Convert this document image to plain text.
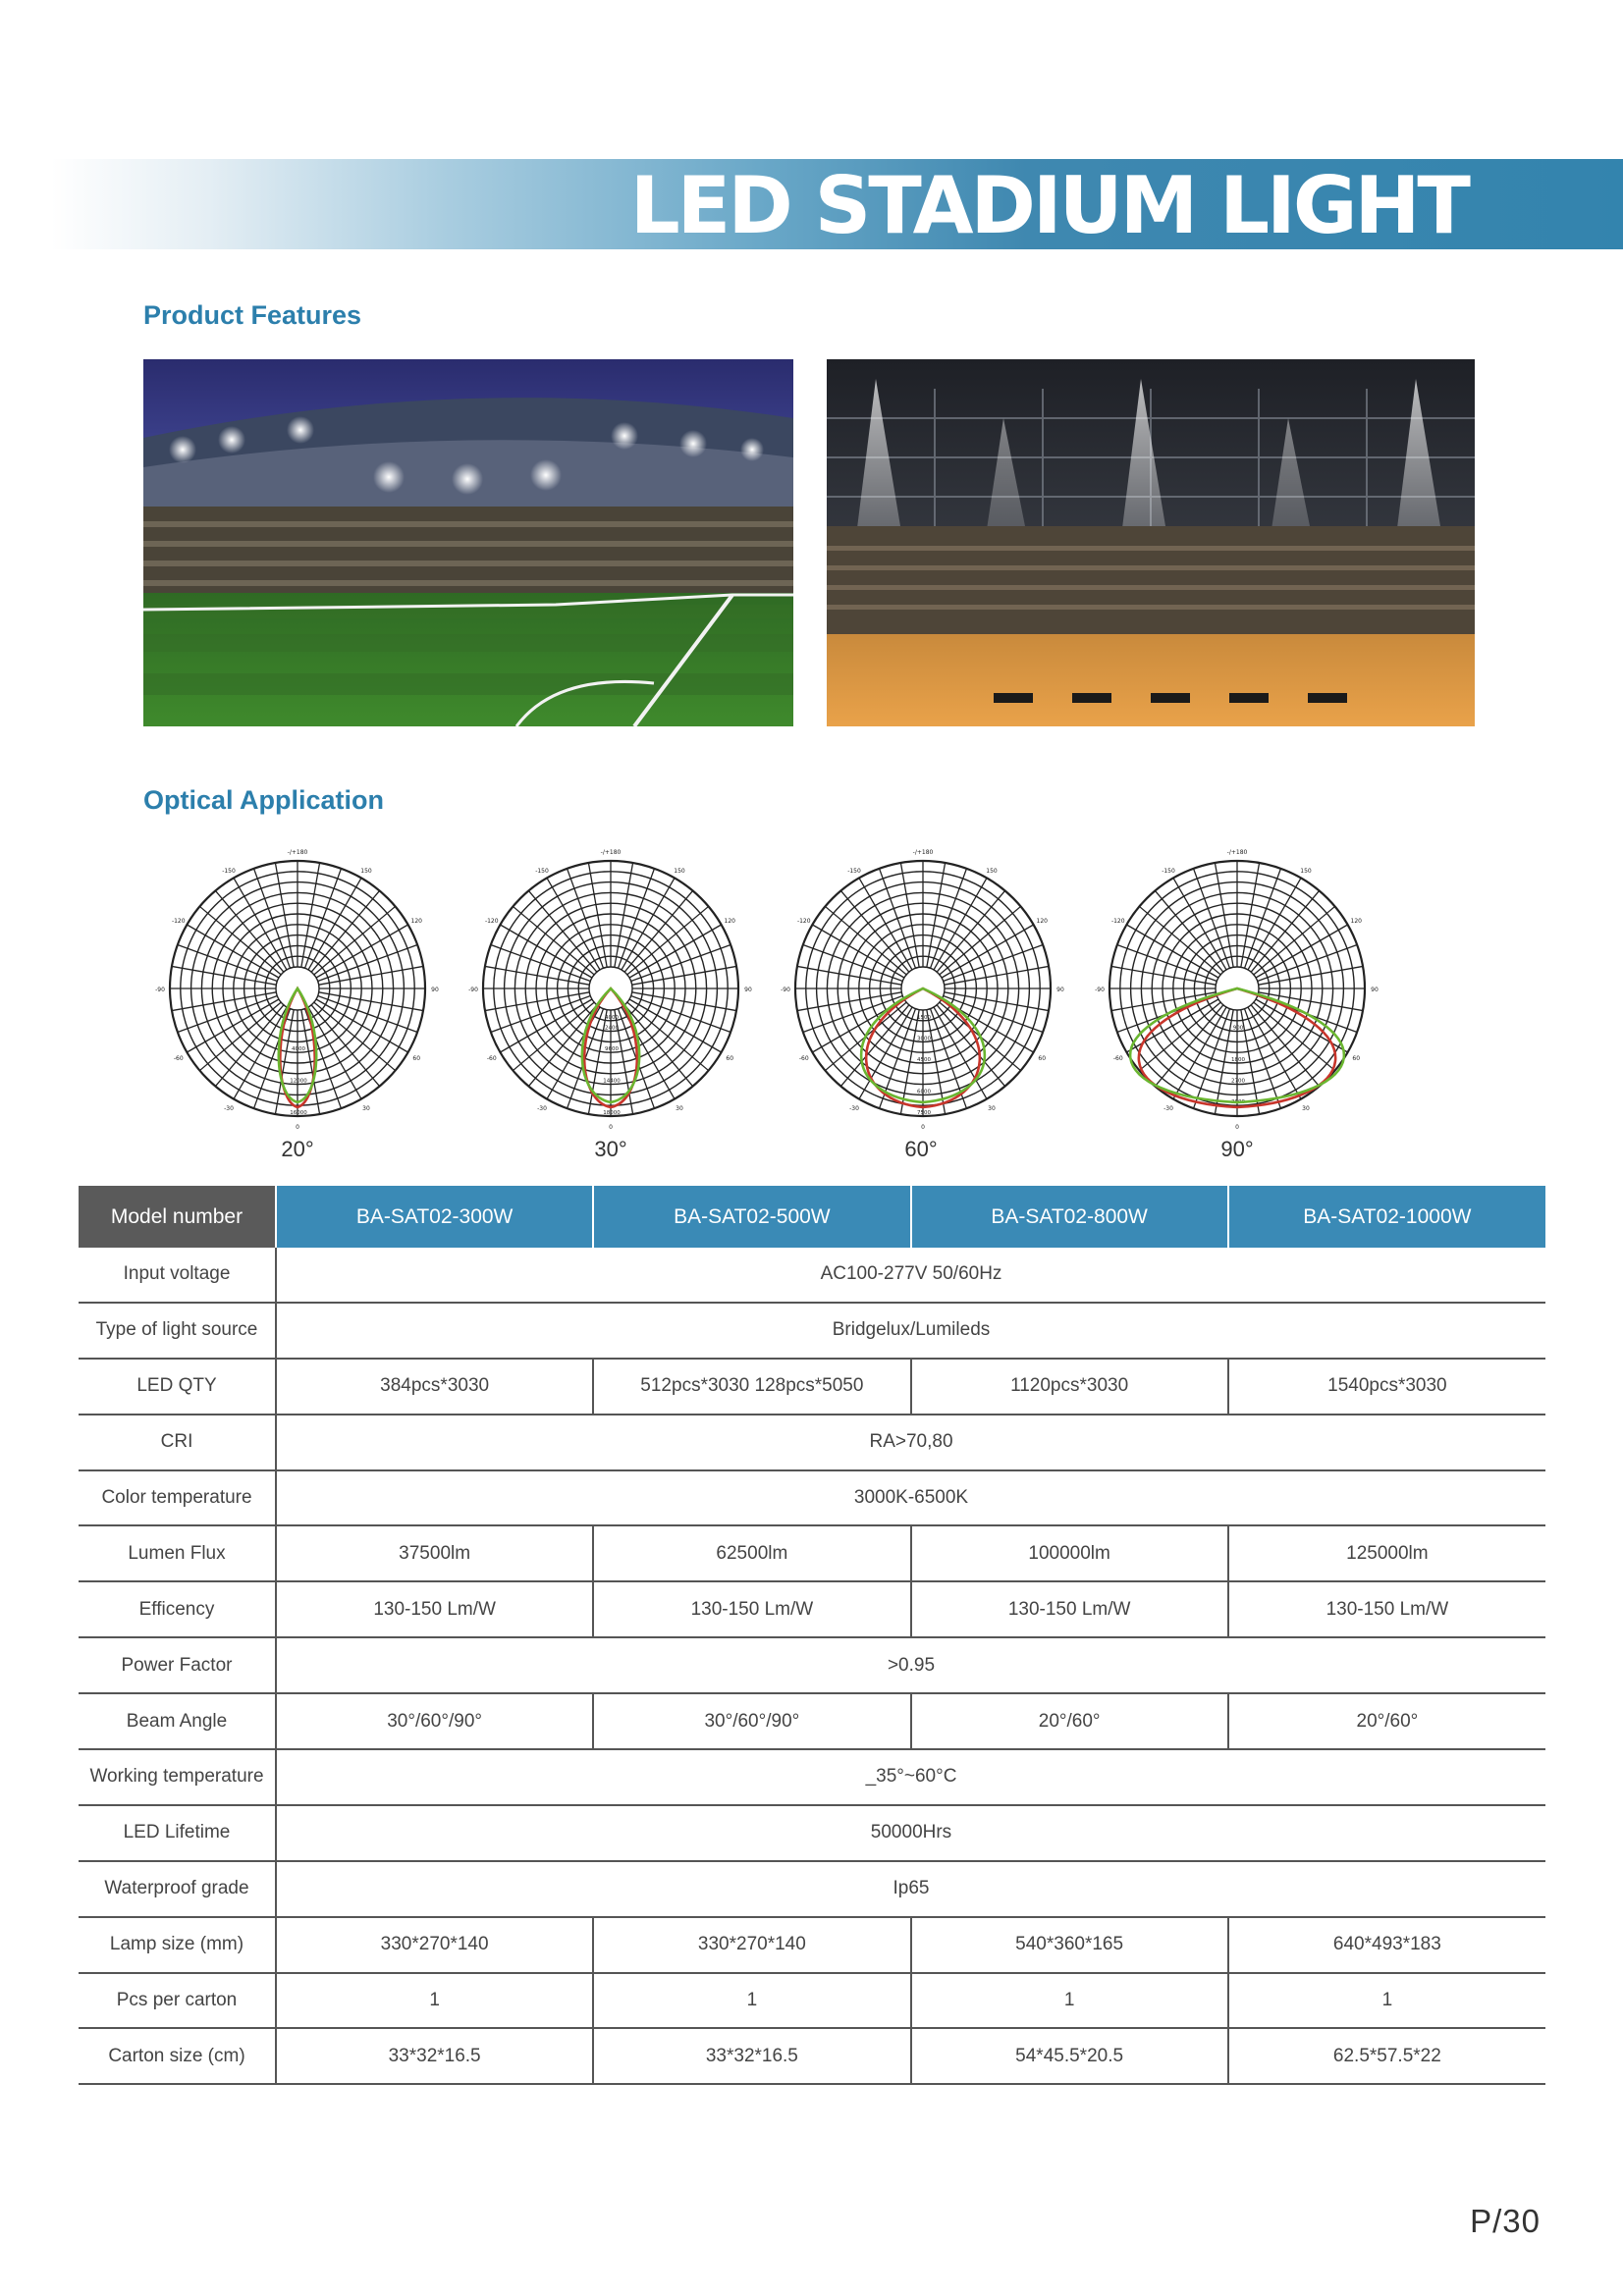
LED STADIUM LIGHT
Product Features
Optical Application
-/+180
-150	150
-120	120
-90	90
-60	60
-30	30
0
4000
12000
16000
-/+180
-150	150
-120	120
-90	90
-60	60
-30	30
0
4000
2400
9600
14400
18000
-/+180
-150	150
-120	120
-90	90
-60	60
-30	30
0
1500
3000
4500
6000
7500
-/+180
-150	150
-120	120
-90	90
-60	60
-30	30
0
900
1800
2700
3600
20°	30°	60°	90°
Model number	BA-SAT02-300W	BA-SAT02-500W	BA-SAT02-800W	BA-SAT02-1000W
Input voltage	AC100-277V 50/60Hz			
Type of light source	Bridgelux/Lumileds			
LED QTY	384pcs*3030	512pcs*3030 128pcs*5050	1120pcs*3030	1540pcs*3030
CRI	RA>70,80			
Color temperature	3000K-6500K			
Lumen Flux	37500lm	62500lm	100000lm	125000lm
Efficency	130-150 Lm/W	130-150 Lm/W	130-150 Lm/W	130-150 Lm/W
Power Factor	>0.95			
Beam Angle	30°/60°/90°	30°/60°/90°	20°/60°	20°/60°
Working temperature	_35°~60°C			
LED Lifetime	50000Hrs			
Waterproof grade	Ip65			
Lamp size (mm)	330*270*140	330*270*140	540*360*165	640*493*183
Pcs per carton	1	1	1	1
Carton size (cm)	33*32*16.5	33*32*16.5	54*45.5*20.5	62.5*57.5*22
P/30
